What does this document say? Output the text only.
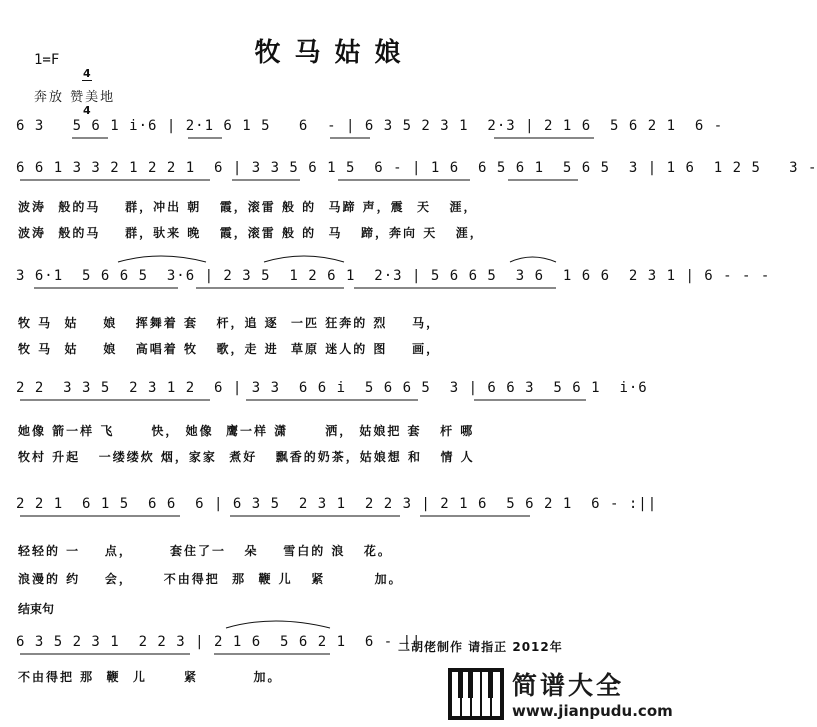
牧马姑娘
1=F

4

4

奔放 赞美地
6 3   5 6 1 i·6 | 2·1 6 1 5   6  - | 6 3 5 2 3 1  2·3 | 2 1 6  5 6 2 1  6 -
6 6 1 3 3 2 1 2 2 1  6 | 3 3 5 6 1 5  6 - | 1 6  6 5 6 1  5 6 5  3 | 1 6  1 2 5   3 -
波涛  般的马    群，冲出 朝   霞，滚雷 般 的  马蹄 声，震  天   涯，
波涛  般的马    群，驮来 晚   霞，滚雷 般 的  马   蹄，奔向 天   涯，
3 6·1  5 6 6 5  3·6 | 2 3 5  1 2 6 1  2·3 | 5 6 6 5  3 6  1 6 6  2 3 1 | 6 - - -
牧 马  姑    娘   挥舞着 套   杆，追 逐  一匹 狂奔的 烈    马，
牧 马  姑    娘   高唱着 牧   歌，走 进  草原 迷人的 图    画，
2 2  3 3 5  2 3 1 2  6 | 3 3  6 6 i  5 6 6 5  3 | 6 6 3  5 6 1  i·6
她像 箭一样 飞      快， 她像  鹰一样 潇      洒， 姑娘把 套   杆 哪
牧村 升起   一缕缕炊 烟，家家  煮好   飘香的奶茶，姑娘想 和   情 人
2 2 1  6 1 5  6 6  6 | 6 3 5  2 3 1  2 2 3 | 2 1 6  5 6 2 1  6 - :||
轻轻的 一    点，      套住了一   朵    雪白的 浪   花。
浪漫的 约    会，     不由得把  那  鞭 儿   紧        加。
结束句
6 3 5 2 3 1  2 2 3 | 2 1 6  5 6 2 1  6 - ||
二胡佬制作 请指正 2012年
不由得把 那  鞭  儿      紧         加。	简谱大全
www.jianpudu.com
